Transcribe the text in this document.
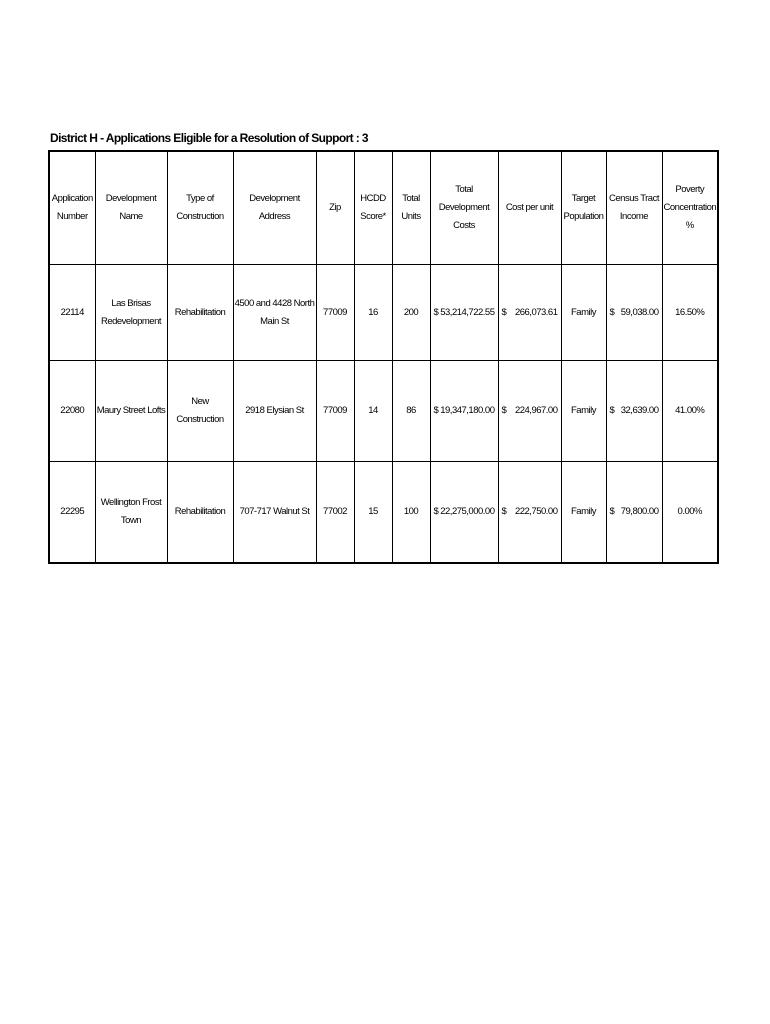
District H - Applications Eligible for a Resolution of Support : 3
Application Number	Development Name	Type of Construction	Development Address	Zip	HCDD Score*	Total Units	Total Development Costs	Cost per unit	Target Population	Census Tract Income	Poverty Concentration %
22114	Las Brisas Redevelopment	Rehabilitation	4500 and 4428 North Main St	77009	16	200	$ 53,214,722.55	$ 266,073.61	Family	$ 59,038.00	16.50%
22080	Maury Street Lofts	New Construction	2918 Elysian St	77009	14	86	$ 19,347,180.00	$ 224,967.00	Family	$ 32,639.00	41.00%
22295	Wellington Frost Town	Rehabilitation	707-717 Walnut St	77002	15	100	$ 22,275,000.00	$ 222,750.00	Family	$ 79,800.00	0.00%
